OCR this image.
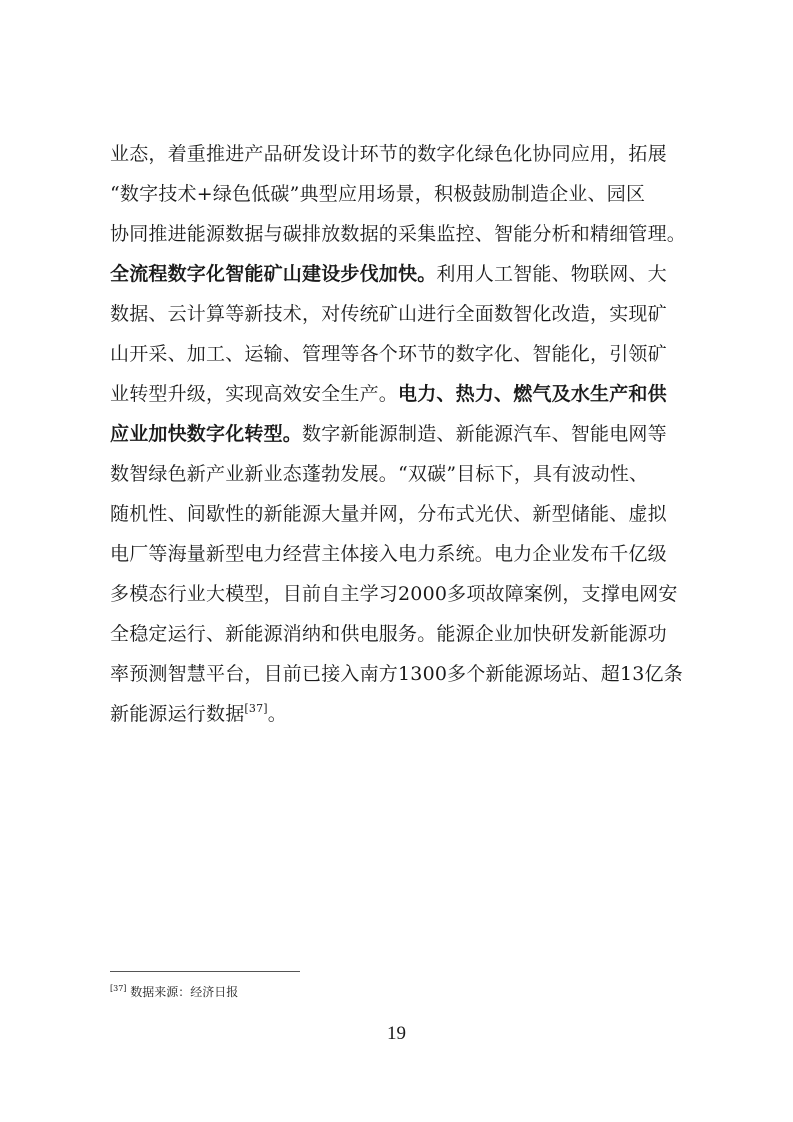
业态，着重推进产品研发设计环节的数字化绿色化协同应用，拓展
“数字技术+绿色低碳”典型应用场景，积极鼓励制造企业、园区
协同推进能源数据与碳排放数据的采集监控、智能分析和精细管理。
全流程数字化智能矿山建设步伐加快。利用人工智能、物联网、大
数据、云计算等新技术，对传统矿山进行全面数智化改造，实现矿
山开采、加工、运输、管理等各个环节的数字化、智能化，引领矿
业转型升级，实现高效安全生产。电力、热力、燃气及水生产和供
应业加快数字化转型。数字新能源制造、新能源汽车、智能电网等
数智绿色新产业新业态蓬勃发展。“双碳”目标下，具有波动性、
随机性、间歇性的新能源大量并网，分布式光伏、新型储能、虚拟
电厂等海量新型电力经营主体接入电力系统。电力企业发布千亿级
多模态行业大模型，目前自主学习2000多项故障案例，支撑电网安
全稳定运行、新能源消纳和供电服务。能源企业加快研发新能源功
率预测智慧平台，目前已接入南方1300多个新能源场站、超13亿条
新能源运行数据[37]。
[37] 数据来源：经济日报
19
